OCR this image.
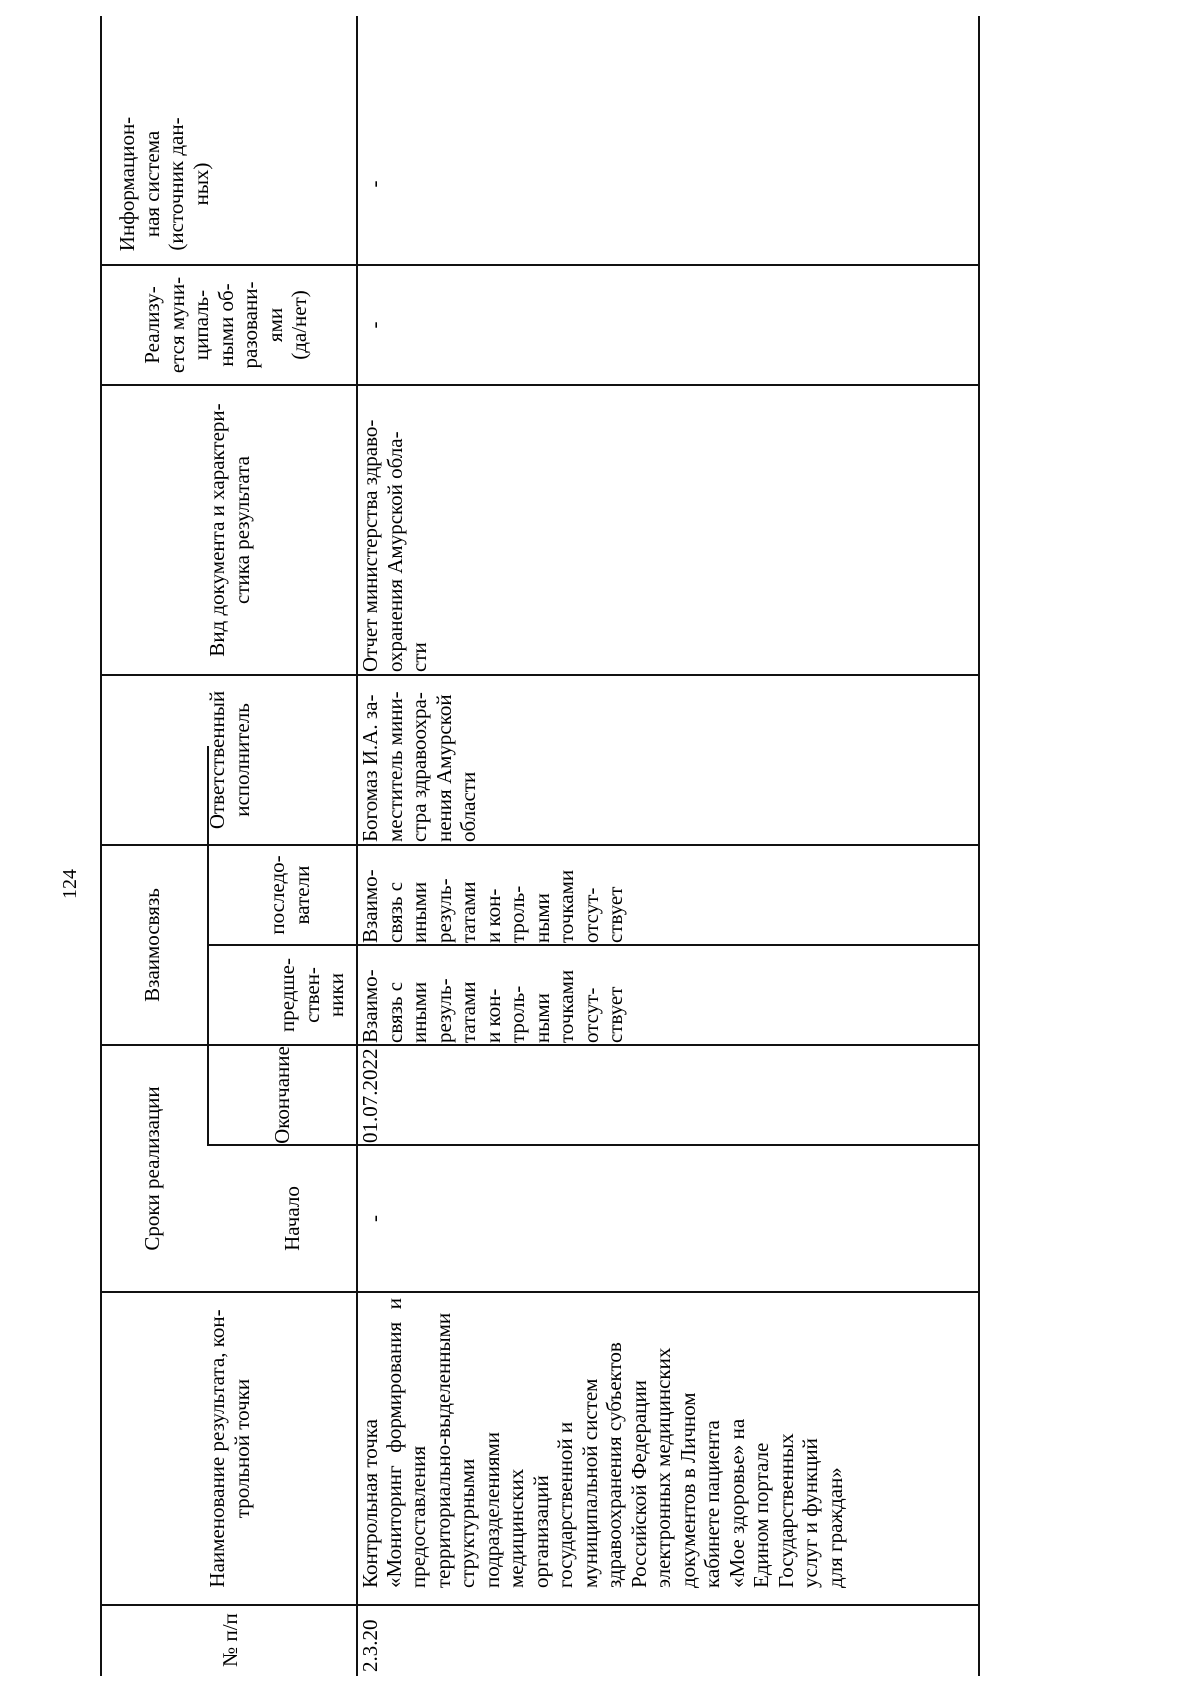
124
№ п/п
Наименование результата, кон-
трольной точки
Сроки реализации	Начало
Окончание
Взаимосвязь	предше-
ствен-
ники
последо-
ватели
Ответственный
исполнитель
Вид документа и характери-
стика результата
Реализу-
ется муни-
ципаль-
ными об-
разовани-
ями
(да/нет)
Информацион-
ная система
(источник дан-
ных)
2.3.20
Контрольная точка «Мониторинг формирования и предоставления
территориально-выделенными
структурными
подразделениями
медицинских
организаций
государственной и
муниципальной систем
здравоохранения субъектов
Российской Федерации
электронных медицинских
документов в Личном
кабинете пациента
«Мое здоровье» на
Едином портале
Государственных
услуг и функций
для граждан»
-
01.07.2022
Взаимо-
связь с
иными
резуль-
татами
и кон-
троль-
ными
точками
отсут-
ствует
Взаимо-
связь с
иными
резуль-
татами
и кон-
троль-
ными
точками
отсут-
ствует
Богомаз И.А. за-
меститель мини-
стра здравоохра-
нения Амурской
области
Отчет министерства здраво-
охранения Амурской обла-
сти
-
-
